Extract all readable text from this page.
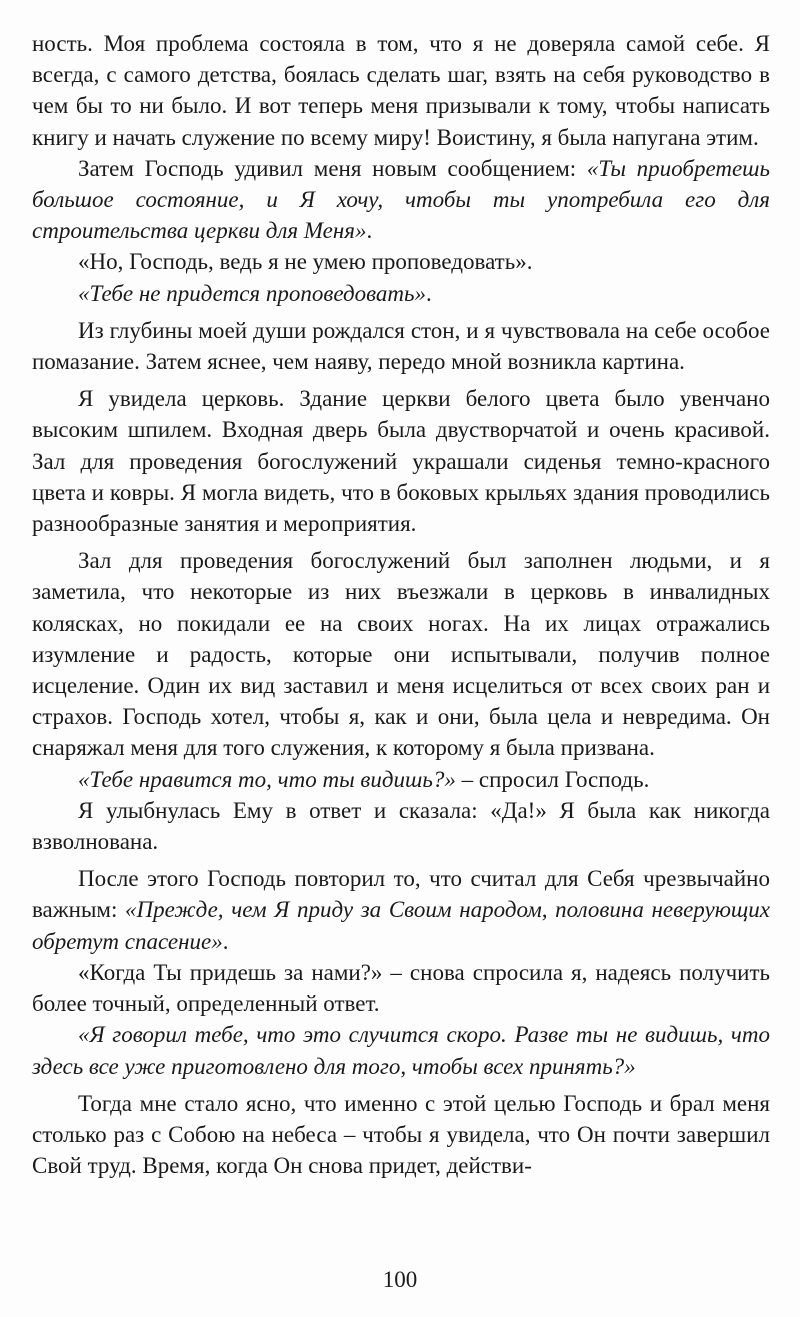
ность. Моя проблема состояла в том, что я не доверяла самой себе. Я всегда, с самого детства, боялась сделать шаг, взять на себя руководство в чем бы то ни было. И вот теперь меня призывали к тому, чтобы написать книгу и начать служение по всему миру! Воистину, я была напугана этим.

Затем Господь удивил меня новым сообщением: «Ты приобретешь большое состояние, и Я хочу, чтобы ты употребила его для строительства церкви для Меня».

«Но, Господь, ведь я не умею проповедовать».

«Тебе не придется проповедовать».

Из глубины моей души рождался стон, и я чувствовала на себе особое помазание. Затем яснее, чем наяву, передо мной возникла картина.

Я увидела церковь. Здание церкви белого цвета было увенчано высоким шпилем. Входная дверь была двустворчатой и очень красивой. Зал для проведения богослужений украшали сиденья темно-красного цвета и ковры. Я могла видеть, что в боковых крыльях здания проводились разнообразные занятия и мероприятия.

Зал для проведения богослужений был заполнен людьми, и я заметила, что некоторые из них въезжали в церковь в инвалидных колясках, но покидали ее на своих ногах. На их лицах отражались изумление и радость, которые они испытывали, получив полное исцеление. Один их вид заставил и меня исцелиться от всех своих ран и страхов. Господь хотел, чтобы я, как и они, была цела и невредима. Он снаряжал меня для того служения, к которому я была призвана.

«Тебе нравится то, что ты видишь?» – спросил Господь.

Я улыбнулась Ему в ответ и сказала: «Да!» Я была как никогда взволнована.

После этого Господь повторил то, что считал для Себя чрезвычайно важным: «Прежде, чем Я приду за Своим народом, половина неверующих обретут спасение».

«Когда Ты придешь за нами?» – снова спросила я, надеясь получить более точный, определенный ответ.

«Я говорил тебе, что это случится скоро. Разве ты не видишь, что здесь все уже приготовлено для того, чтобы всех принять?»

Тогда мне стало ясно, что именно с этой целью Господь и брал меня столько раз с Собою на небеса – чтобы я увидела, что Он почти завершил Свой труд. Время, когда Он снова придет, действи-

100
